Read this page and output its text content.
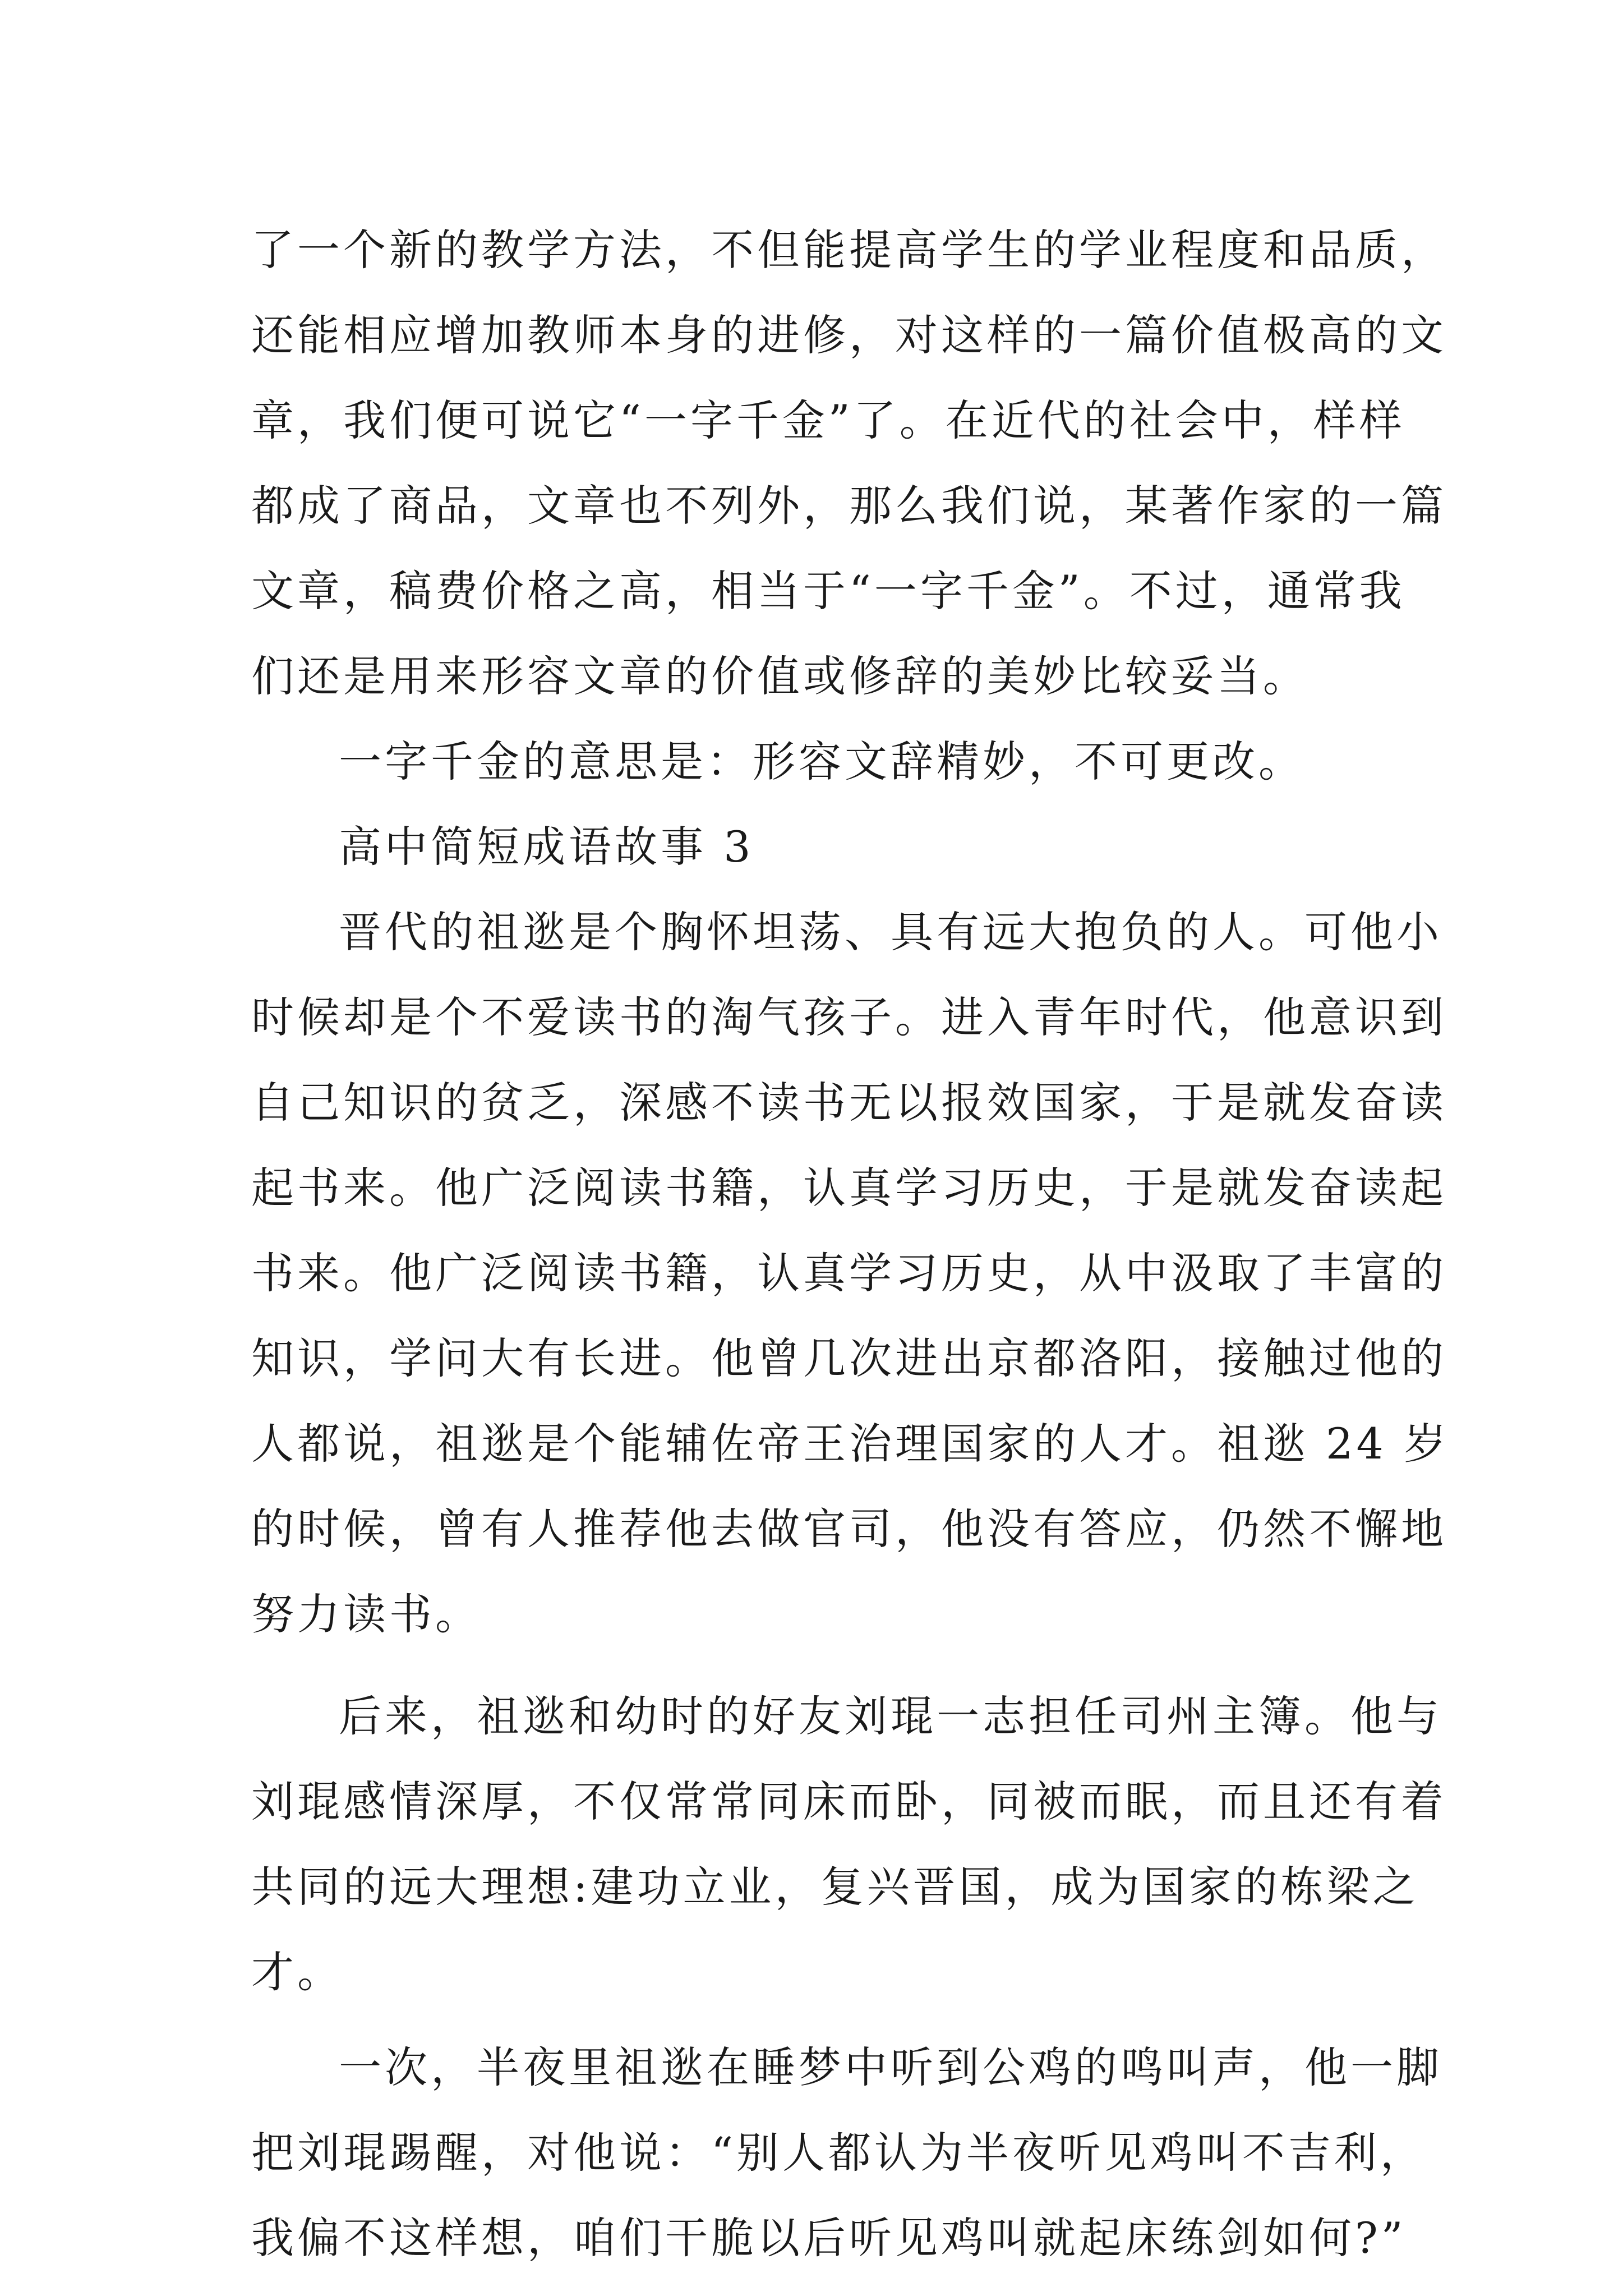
了一个新的教学方法，不但能提高学生的学业程度和品质，
还能相应增加教师本身的进修，对这样的一篇价值极高的文
章，我们便可说它“一字千金”了。在近代的社会中，样样
都成了商品，文章也不列外，那么我们说，某著作家的一篇
文章，稿费价格之高，相当于“一字千金”。不过，通常我
们还是用来形容文章的价值或修辞的美妙比较妥当。
一字千金的意思是：形容文辞精妙，不可更改。
高中简短成语故事 3
晋代的祖逖是个胸怀坦荡、具有远大抱负的人。可他小
时候却是个不爱读书的淘气孩子。进入青年时代，他意识到
自己知识的贫乏，深感不读书无以报效国家，于是就发奋读
起书来。他广泛阅读书籍，认真学习历史，于是就发奋读起
书来。他广泛阅读书籍，认真学习历史，从中汲取了丰富的
知识，学问大有长进。他曾几次进出京都洛阳，接触过他的
人都说，祖逖是个能辅佐帝王治理国家的人才。祖逖 24 岁
的时候，曾有人推荐他去做官司，他没有答应，仍然不懈地
努力读书。
后来，祖逖和幼时的好友刘琨一志担任司州主簿。他与
刘琨感情深厚，不仅常常同床而卧，同被而眠，而且还有着
共同的远大理想:建功立业，复兴晋国，成为国家的栋梁之
才。
一次，半夜里祖逖在睡梦中听到公鸡的鸣叫声，他一脚
把刘琨踢醒，对他说：“别人都认为半夜听见鸡叫不吉利，
我偏不这样想，咱们干脆以后听见鸡叫就起床练剑如何?”
